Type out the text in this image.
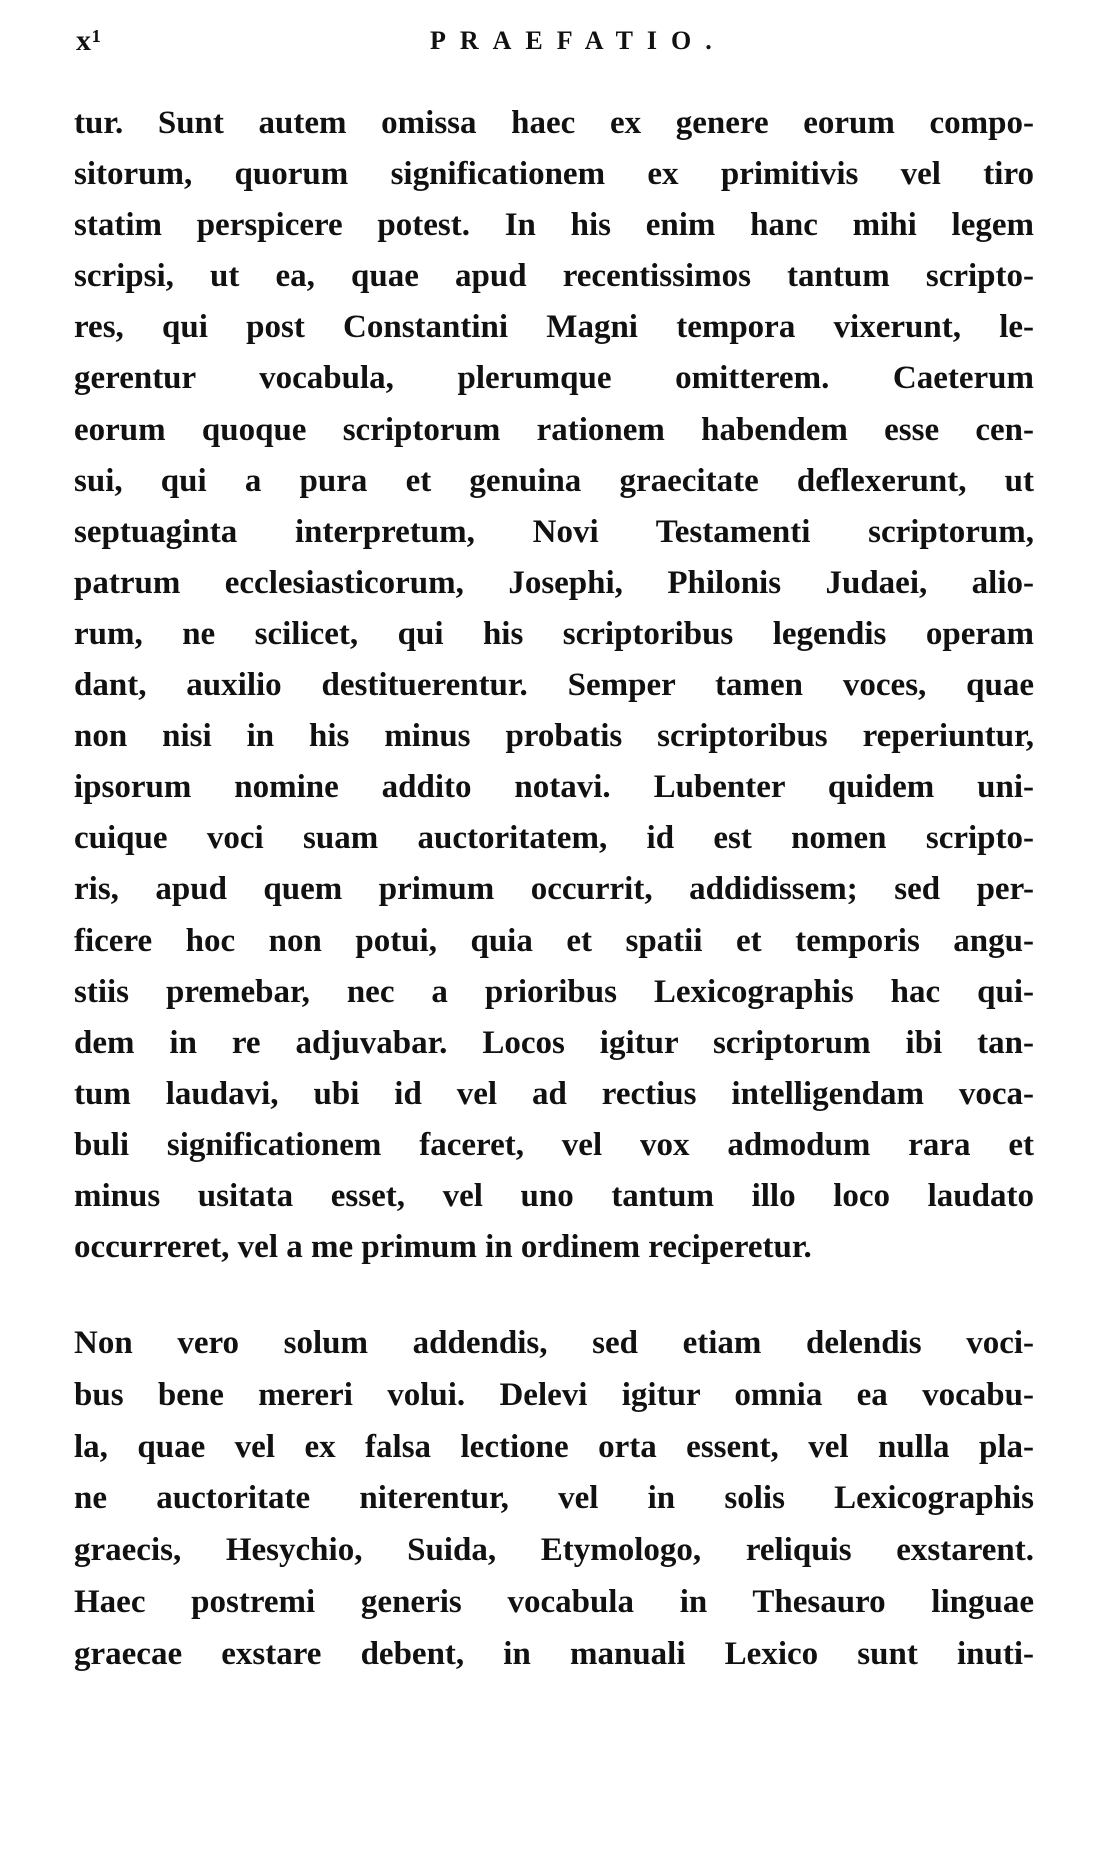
x¹	PRAEFATIO.
tur. Sunt autem omissa haec ex genere eorum compo-
sitorum, quorum significationem ex primitivis vel tiro
statim perspicere potest. In his enim hanc mihi legem
scripsi, ut ea, quae apud recentissimos tantum scripto-
res, qui post Constantini Magni tempora vixerunt, le-
gerentur vocabula, plerumque omitterem. Caeterum
eorum quoque scriptorum rationem habendem esse cen-
sui, qui a pura et genuina graecitate deflexerunt, ut
septuaginta interpretum, Novi Testamenti scriptorum,
patrum ecclesiasticorum, Josephi, Philonis Judaei, alio-
rum, ne scilicet, qui his scriptoribus legendis operam
dant, auxilio destituerentur. Semper tamen voces, quae
non nisi in his minus probatis scriptoribus reperiuntur,
ipsorum nomine addito notavi. Lubenter quidem uni-
cuique voci suam auctoritatem, id est nomen scripto-
ris, apud quem primum occurrit, addidissem; sed per-
ficere hoc non potui, quia et spatii et temporis angu-
stiis premebar, nec a prioribus Lexicographis hac qui-
dem in re adjuvabar. Locos igitur scriptorum ibi tan-
tum laudavi, ubi id vel ad rectius intelligendam voca-
buli significationem faceret, vel vox admodum rara et
minus usitata esset, vel uno tantum illo loco laudato
occurreret, vel a me primum in ordinem reciperetur.
Non vero solum addendis, sed etiam delendis voci-
bus bene mereri volui. Delevi igitur omnia ea vocabu-
la, quae vel ex falsa lectione orta essent, vel nulla pla-
ne auctoritate niterentur, vel in solis Lexicographis
graecis, Hesychio, Suida, Etymologo, reliquis exstarent.
Haec postremi generis vocabula in Thesauro linguae
graecae exstare debent, in manuali Lexico sunt inuti-
